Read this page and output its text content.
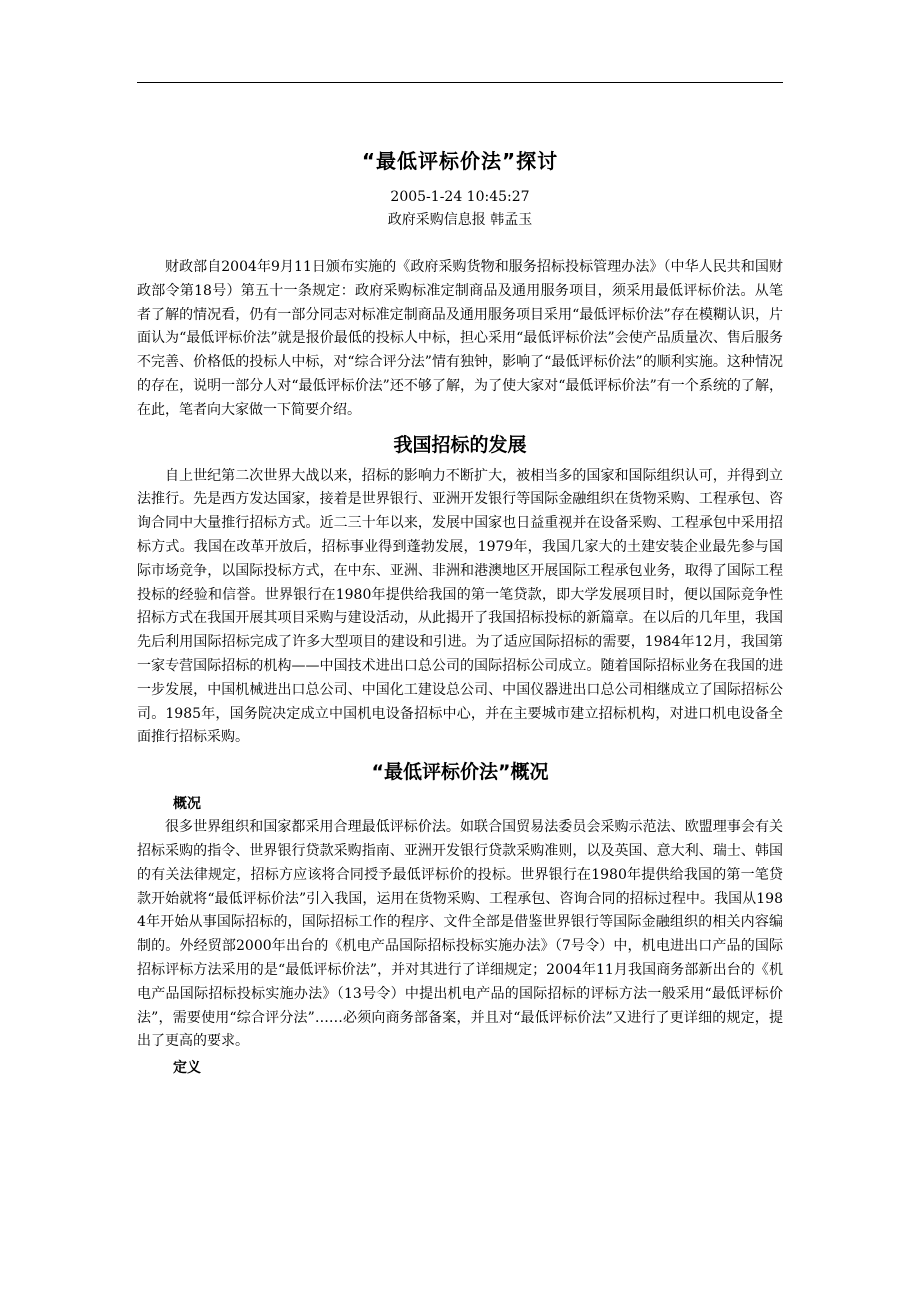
“最低评标价法”探讨

2005-1-24 10:45:27

政府采购信息报 韩孟玉

财政部自2004年9月11日颁布实施的《政府采购货物和服务招标投标管理办法》（中华人民共和国财政部令第18号）第五十一条规定：政府采购标准定制商品及通用服务项目，须采用最低评标价法。从笔者了解的情况看，仍有一部分同志对标准定制商品及通用服务项目采用“最低评标价法”存在模糊认识，片面认为“最低评标价法”就是报价最低的投标人中标，担心采用“最低评标价法”会使产品质量次、售后服务不完善、价格低的投标人中标，对“综合评分法”情有独钟，影响了“最低评标价法”的顺利实施。这种情况的存在，说明一部分人对“最低评标价法”还不够了解，为了使大家对“最低评标价法”有一个系统的了解，在此，笔者向大家做一下简要介绍。

我国招标的发展

自上世纪第二次世界大战以来，招标的影响力不断扩大，被相当多的国家和国际组织认可，并得到立法推行。先是西方发达国家，接着是世界银行、亚洲开发银行等国际金融组织在货物采购、工程承包、咨询合同中大量推行招标方式。近二三十年以来，发展中国家也日益重视并在设备采购、工程承包中采用招标方式。我国在改革开放后，招标事业得到蓬勃发展，1979年，我国几家大的土建安装企业最先参与国际市场竞争，以国际投标方式，在中东、亚洲、非洲和港澳地区开展国际工程承包业务，取得了国际工程投标的经验和信誉。世界银行在1980年提供给我国的第一笔贷款，即大学发展项目时，便以国际竞争性招标方式在我国开展其项目采购与建设活动，从此揭开了我国招标投标的新篇章。在以后的几年里，我国先后利用国际招标完成了许多大型项目的建设和引进。为了适应国际招标的需要，1984年12月，我国第一家专营国际招标的机构——中国技术进出口总公司的国际招标公司成立。随着国际招标业务在我国的进一步发展，中国机械进出口总公司、中国化工建设总公司、中国仪器进出口总公司相继成立了国际招标公司。1985年，国务院决定成立中国机电设备招标中心，并在主要城市建立招标机构，对进口机电设备全面推行招标采购。

“最低评标价法”概况
概况

很多世界组织和国家都采用合理最低评标价法。如联合国贸易法委员会采购示范法、欧盟理事会有关招标采购的指令、世界银行贷款采购指南、亚洲开发银行贷款采购准则，以及英国、意大利、瑞士、韩国的有关法律规定，招标方应该将合同授予最低评标价的投标。世界银行在1980年提供给我国的第一笔贷款开始就将“最低评标价法”引入我国，运用在货物采购、工程承包、咨询合同的招标过程中。我国从1984年开始从事国际招标的，国际招标工作的程序、文件全部是借鉴世界银行等国际金融组织的相关内容编制的。外经贸部2000年出台的《机电产品国际招标投标实施办法》（7号令）中，机电进出口产品的国际招标评标方法采用的是“最低评标价法”，并对其进行了详细规定；2004年11月我国商务部新出台的《机电产品国际招标投标实施办法》（13号令）中提出机电产品的国际招标的评标方法一般采用“最低评标价法”，需要使用“综合评分法”……必须向商务部备案，并且对“最低评标价法”又进行了更详细的规定，提出了更高的要求。

定义
